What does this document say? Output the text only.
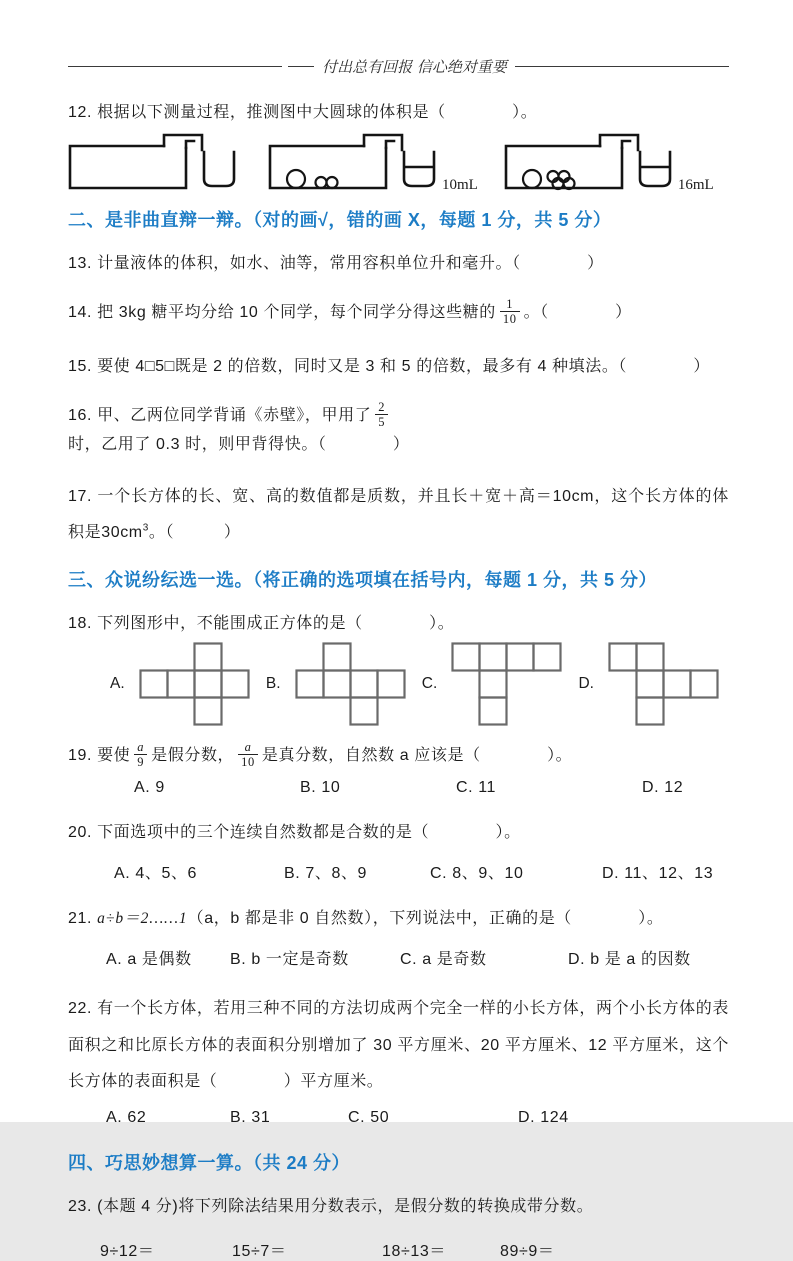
付出总有回报 信心绝对重要

12. 根据以下测量过程，推测图中大圆球的体积是（　　　　）。

10mL	16mL
二、是非曲直辩一辩。（对的画√，错的画 X，每题 1 分，共 5 分）

13. 计量液体的体积，如水、油等，常用容积单位升和毫升。（　　　　）

14. 把 3kg 糖平均分给 10 个同学，每个同学分得这些糖的 $\frac{1}{10}$ 。（　　　　）

15. 要使 4□5□既是 2 的倍数，同时又是 3 和 5 的倍数，最多有 4 种填法。（　　　　）

16. 甲、乙两位同学背诵《赤壁》，甲用了 $\frac{2}{5}$
时，乙用了 0.3 时，则甲背得快。（　　　　）

17. 一个长方体的长、宽、高的数值都是质数，并且长＋宽＋高＝10cm，这个长方体的体积是$30cm^3$。（　　　）

三、众说纷纭选一选。（将正确的选项填在括号内，每题 1 分，共 5 分）

18. 下列图形中，不能围成正方体的是（　　　　）。

A.	B.	C.	D.

19. 要使 $\frac{a}{9}$ 是假分数， $\frac{a}{10}$ 是真分数，自然数 a 应该是（　　　　）。

A. 9	B. 10	C. 11	D. 12

20. 下面选项中的三个连续自然数都是合数的是（　　　　）。

A. 4、5、6	B. 7、8、9	C. 8、9、10	D. 11、12、13

21. a÷b＝2……1（a，b 都是非 0 自然数），下列说法中，正确的是（　　　　）。

A. a 是偶数	B. b 一定是奇数	C. a 是奇数	D. b 是 a 的因数

22. 有一个长方体，若用三种不同的方法切成两个完全一样的小长方体，两个小长方体的表面积之和比原长方体的表面积分别增加了 30 平方厘米、20 平方厘米、12 平方厘米，这个长方体的表面积是（　　　　）平方厘米。

A. 62	B. 31	C. 50	D. 124
四、巧思妙想算一算。（共 24 分）

23. (本题 4 分)将下列除法结果用分数表示，是假分数的转换成带分数。

9÷12＝	15÷7＝	18÷13＝	89÷9＝
